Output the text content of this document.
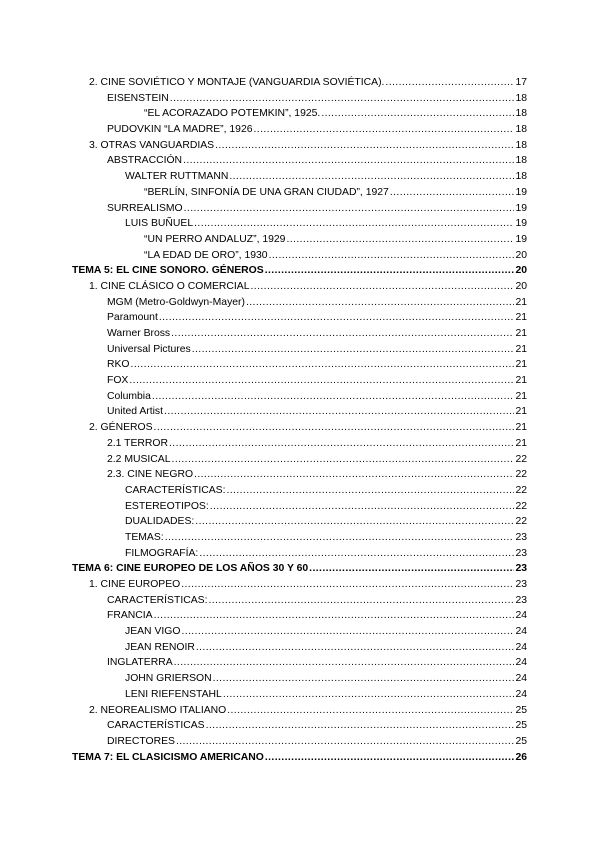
2. CINE SOVIÉTICO Y MONTAJE (VANGUARDIA SOVIÉTICA). .....	17
EISENSTEIN .....	18
“EL ACORAZADO POTEMKIN”, 1925. .....	18
PUDOVKIN “LA MADRE”, 1926 .....	18
3. OTRAS VANGUARDIAS .....	18
ABSTRACCIÓN .....	18
WALTER RUTTMANN .....	18
“BERLÍN, SINFONÍA DE UNA GRAN CIUDAD”, 1927 .....	19
SURREALISMO .....	19
LUIS BUÑUEL .....	19
“UN PERRO ANDALUZ”, 1929 .....	19
“LA EDAD DE ORO”, 1930 .....	20
TEMA 5: EL CINE SONORO. GÉNEROS .....	20
1. CINE CLÁSICO O COMERCIAL .....	20
MGM (Metro-Goldwyn-Mayer) .....	21
Paramount .....	21
Warner Bross .....	21
Universal Pictures .....	21
RKO .....	21
FOX .....	21
Columbia .....	21
United Artist .....	21
2. GÉNEROS .....	21
2.1 TERROR .....	21
2.2 MUSICAL .....	22
2.3. CINE NEGRO .....	22
CARACTERÍSTICAS: .....	22
ESTEREOTIPOS: .....	22
DUALIDADES: .....	22
TEMAS: .....	23
FILMOGRAFÍA: .....	23
TEMA 6: CINE EUROPEO DE LOS AÑOS 30 Y 60 .....	23
1. CINE EUROPEO .....	23
CARACTERÍSTICAS: .....	23
FRANCIA .....	24
JEAN VIGO .....	24
JEAN RENOIR .....	24
INGLATERRA .....	24
JOHN GRIERSON .....	24
LENI RIEFENSTAHL .....	24
2. NEOREALISMO ITALIANO .....	25
CARACTERÍSTICAS .....	25
DIRECTORES .....	25
TEMA 7: EL CLASICISMO AMERICANO .....	26
